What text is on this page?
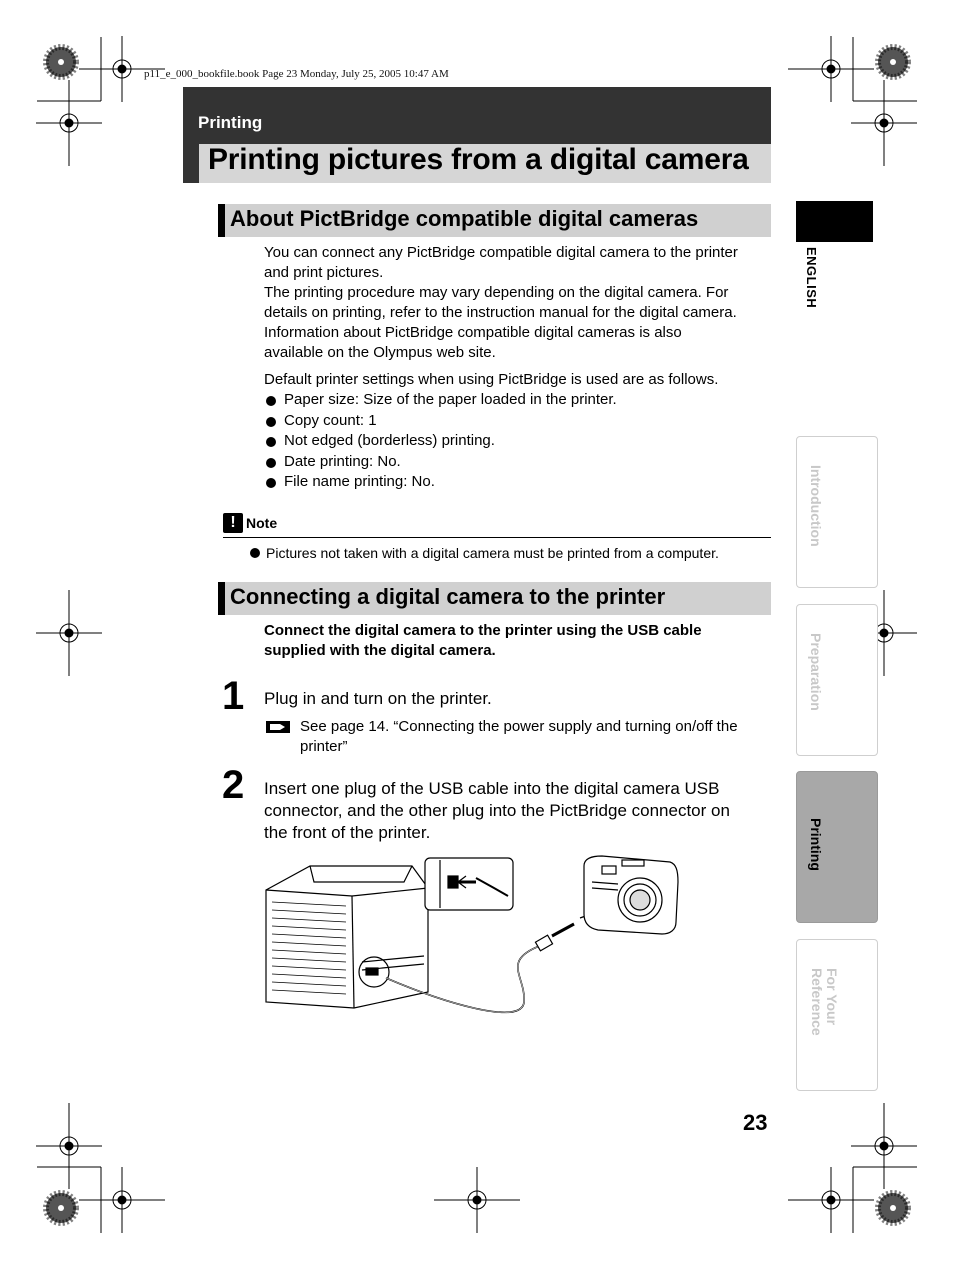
p11_e_000_bookfile.book Page 23 Monday, July 25, 2005 10:47 AM
Printing
Printing pictures from a digital camera
About PictBridge compatible digital cameras
You can connect any PictBridge compatible digital camera to the printer
and print pictures.
The printing procedure may vary depending on the digital camera. For
details on printing, refer to the instruction manual for the digital camera.
Information about PictBridge compatible digital cameras is also
available on the Olympus web site.
Default printer settings when using PictBridge is used are as follows.
Paper size: Size of the paper loaded in the printer.
Copy count: 1
Not edged (borderless) printing.
Date printing: No.
File name printing: No.
! Note
Pictures not taken with a digital camera must be printed from a computer.
Connecting a digital camera to the printer
Connect the digital camera to the printer using the USB cable
supplied with the digital camera.
1 Plug in and turn on the printer.
See page 14. “Connecting the power supply and turning on/off the
printer”
2 Insert one plug of the USB cable into the digital camera USB
connector, and the other plug into the PictBridge connector on
the front of the printer.
ENGLISH
Introduction
Preparation
Printing
For Your
Reference
23
